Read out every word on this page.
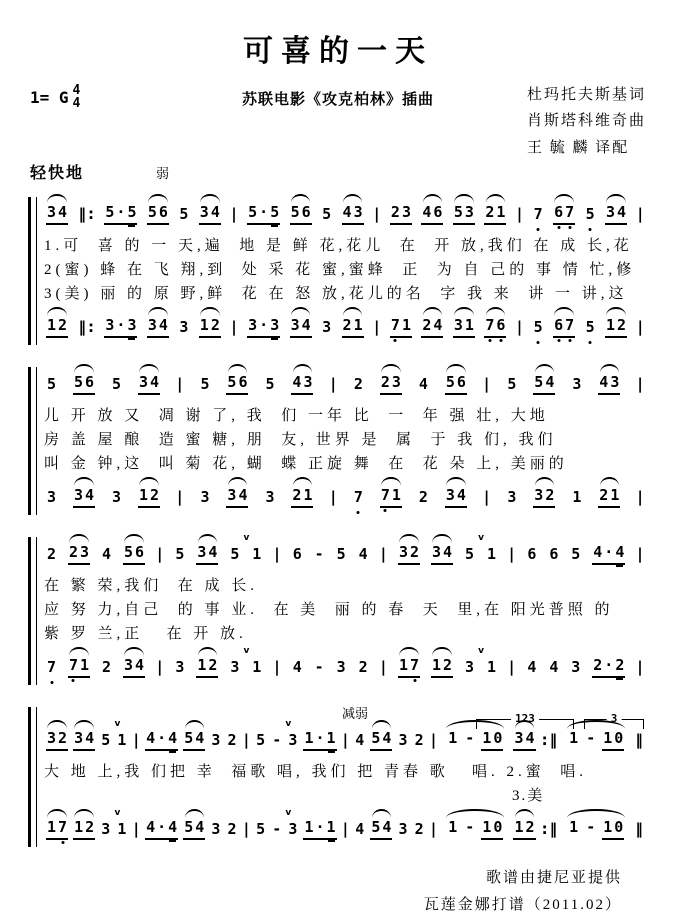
可喜的一天
1= G 4
4	苏联电影《攻克柏林》插曲	杜玛托夫斯基词
肖斯塔科维奇曲
王 毓 麟 译配
轻快地	弱
3 4 ‖ : 5 · 5 5 6 5 3 4 | 5 · 5 5 6 5 4 3 | 2 3 4 6 5 3 2 1 | 7 6 7 5 3 4 |
1.可  喜 的 一 天,遍  地 是 鲜 花,花儿  在  开 放,我们 在 成 长,花
2(蜜) 蜂 在 飞 翔,到  处 采 花 蜜,蜜蜂  正  为 自 己的 事 情 忙,修
3(美) 丽 的 原 野,鲜  花 在 怒 放,花儿的名  字 我 来  讲 一 讲,这
1 2 ‖ : 3 · 3 3 4 3 1 2 | 3 · 3 3 4 3 2 1 | 7 1 2 4 3 1 7 6 | 5 6 7 5 1 2 |
5 5 6 5 3 4 | 5 5 6 5 4 3 | 2 2 3 4 5 6 | 5 5 4 3 4 3 |
儿 开 放 又  凋 谢 了, 我  们 一年 比  一  年 强 壮, 大地
房 盖 屋 酿  造 蜜 糖, 朋  友, 世界 是  属  于 我 们, 我们
叫 金 钟,这  叫 菊 花, 蝴  蝶 正旋 舞  在  花 朵 上, 美丽的
3 3 4 3 1 2 | 3 3 4 3 2 1 | 7 7 1 2 3 4 | 3 3 2 1 2 1 |
2 2 3 4 5 6 | 5 3 4 5
v
1 | 6 - 5 4 | 3 2 3 4 5
v
1 | 6 6 5 4 · 4 |
在 繁 荣,我们  在 成 长.
应 努 力,自己  的 事 业.  在 美  丽 的 春  天  里,在 阳光普照 的
紫 罗 兰,正   在 开 放.
7 7 1 2 3 4 | 3 1 2 3
v
1 | 4 - 3 2 | 1 7 1 2 3
v
1 | 4 4 3 2 · 2 |
减弱	123	3
3 2 3 4 5
v
1 | 4 · 4 5 4 3 2 | 5 -
v
3 1 · 1 | 4 5 4 3 2 | 1 - 1 0 3 4 : ‖ 1 - 1 0 ‖
大 地 上,我 们把 幸  福歌 唱, 我们 把 青春 歌   唱. 2.蜜  唱.
3.美
1 7 1 2 3
v
1 | 4 · 4 5 4 3 2 | 5 -
v
3 1 · 1 | 4 5 4 3 2 | 1 - 1 0 1 2 : ‖ 1 - 1 0 ‖
歌谱由捷尼亚提供
瓦莲金娜打谱（2011.02）
